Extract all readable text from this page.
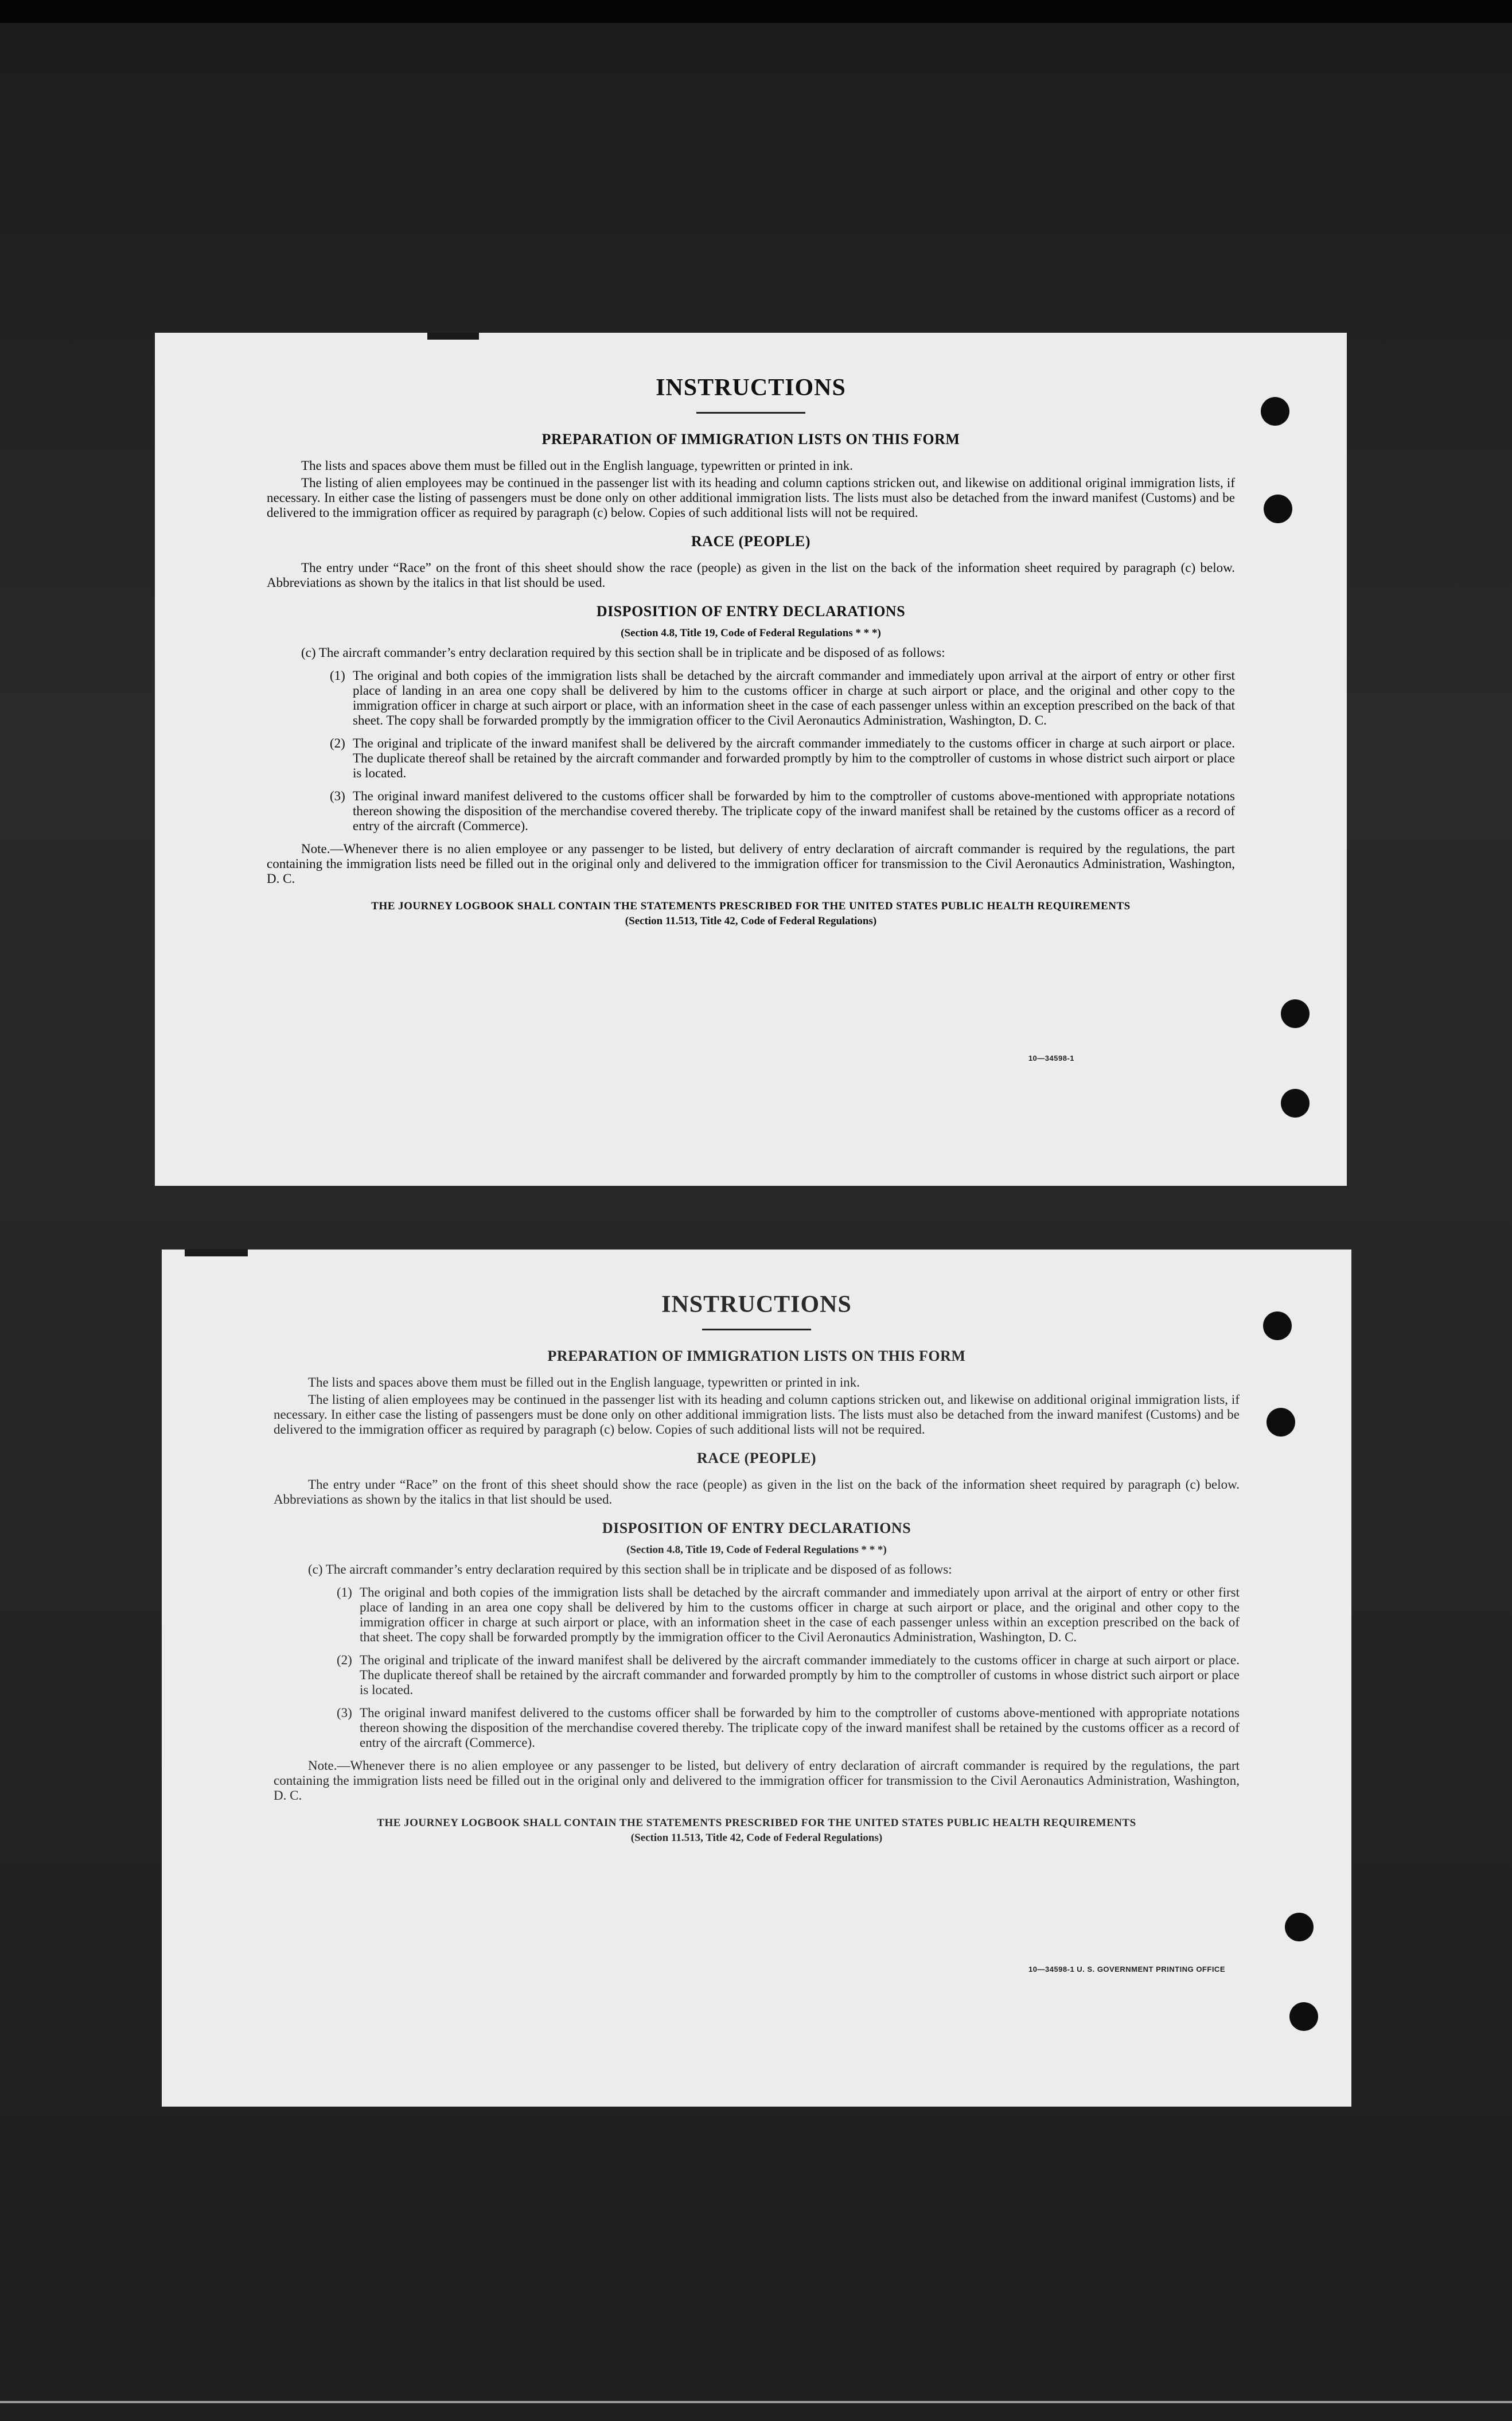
INSTRUCTIONS
PREPARATION OF IMMIGRATION LISTS ON THIS FORM

The lists and spaces above them must be filled out in the English language, typewritten or printed in ink.

The listing of alien employees may be continued in the passenger list with its heading and column captions stricken out, and likewise on additional original immigration lists, if necessary. In either case the listing of passengers must be done only on other additional immigration lists. The lists must also be detached from the inward manifest (Customs) and be delivered to the immigration officer as required by paragraph (c) below. Copies of such additional lists will not be required.

RACE (PEOPLE)

The entry under “Race” on the front of this sheet should show the race (people) as given in the list on the back of the information sheet required by paragraph (c) below. Abbreviations as shown by the italics in that list should be used.

DISPOSITION OF ENTRY DECLARATIONS
(Section 4.8, Title 19, Code of Federal Regulations * * *)

(c) The aircraft commander’s entry declaration required by this section shall be in triplicate and be disposed of as follows:

(1) The original and both copies of the immigration lists shall be detached by the aircraft commander and immediately upon arrival at the airport of entry or other first place of landing in an area one copy shall be delivered by him to the customs officer in charge at such airport or place, and the original and other copy to the immigration officer in charge at such airport or place, with an information sheet in the case of each passenger unless within an exception prescribed on the back of that sheet. The copy shall be forwarded promptly by the immigration officer to the Civil Aeronautics Administration, Washington, D. C.
(2) The original and triplicate of the inward manifest shall be delivered by the aircraft commander immediately to the customs officer in charge at such airport or place. The duplicate thereof shall be retained by the aircraft commander and forwarded promptly by him to the comptroller of customs in whose district such airport or place is located.
(3) The original inward manifest delivered to the customs officer shall be forwarded by him to the comptroller of customs above-mentioned with appropriate notations thereon showing the disposition of the merchandise covered thereby. The triplicate copy of the inward manifest shall be retained by the customs officer as a record of entry of the aircraft (Commerce).

Note.—Whenever there is no alien employee or any passenger to be listed, but delivery of entry declaration of aircraft commander is required by the regulations, the part containing the immigration lists need be filled out in the original only and delivered to the immigration officer for transmission to the Civil Aeronautics Administration, Washington, D. C.

THE JOURNEY LOGBOOK SHALL CONTAIN THE STATEMENTS PRESCRIBED FOR THE UNITED STATES PUBLIC HEALTH REQUIREMENTS
(Section 11.513, Title 42, Code of Federal Regulations)
10—34598-1
INSTRUCTIONS
PREPARATION OF IMMIGRATION LISTS ON THIS FORM

The lists and spaces above them must be filled out in the English language, typewritten or printed in ink.

The listing of alien employees may be continued in the passenger list with its heading and column captions stricken out, and likewise on additional original immigration lists, if necessary. In either case the listing of passengers must be done only on other additional immigration lists. The lists must also be detached from the inward manifest (Customs) and be delivered to the immigration officer as required by paragraph (c) below. Copies of such additional lists will not be required.

RACE (PEOPLE)

The entry under “Race” on the front of this sheet should show the race (people) as given in the list on the back of the information sheet required by paragraph (c) below. Abbreviations as shown by the italics in that list should be used.

DISPOSITION OF ENTRY DECLARATIONS
(Section 4.8, Title 19, Code of Federal Regulations * * *)

(c) The aircraft commander’s entry declaration required by this section shall be in triplicate and be disposed of as follows:

(1) The original and both copies of the immigration lists shall be detached by the aircraft commander and immediately upon arrival at the airport of entry or other first place of landing in an area one copy shall be delivered by him to the customs officer in charge at such airport or place, and the original and other copy to the immigration officer in charge at such airport or place, with an information sheet in the case of each passenger unless within an exception prescribed on the back of that sheet. The copy shall be forwarded promptly by the immigration officer to the Civil Aeronautics Administration, Washington, D. C.
(2) The original and triplicate of the inward manifest shall be delivered by the aircraft commander immediately to the customs officer in charge at such airport or place. The duplicate thereof shall be retained by the aircraft commander and forwarded promptly by him to the comptroller of customs in whose district such airport or place is located.
(3) The original inward manifest delivered to the customs officer shall be forwarded by him to the comptroller of customs above-mentioned with appropriate notations thereon showing the disposition of the merchandise covered thereby. The triplicate copy of the inward manifest shall be retained by the customs officer as a record of entry of the aircraft (Commerce).

Note.—Whenever there is no alien employee or any passenger to be listed, but delivery of entry declaration of aircraft commander is required by the regulations, the part containing the immigration lists need be filled out in the original only and delivered to the immigration officer for transmission to the Civil Aeronautics Administration, Washington, D. C.

THE JOURNEY LOGBOOK SHALL CONTAIN THE STATEMENTS PRESCRIBED FOR THE UNITED STATES PUBLIC HEALTH REQUIREMENTS
(Section 11.513, Title 42, Code of Federal Regulations)
10—34598-1 U. S. GOVERNMENT PRINTING OFFICE
